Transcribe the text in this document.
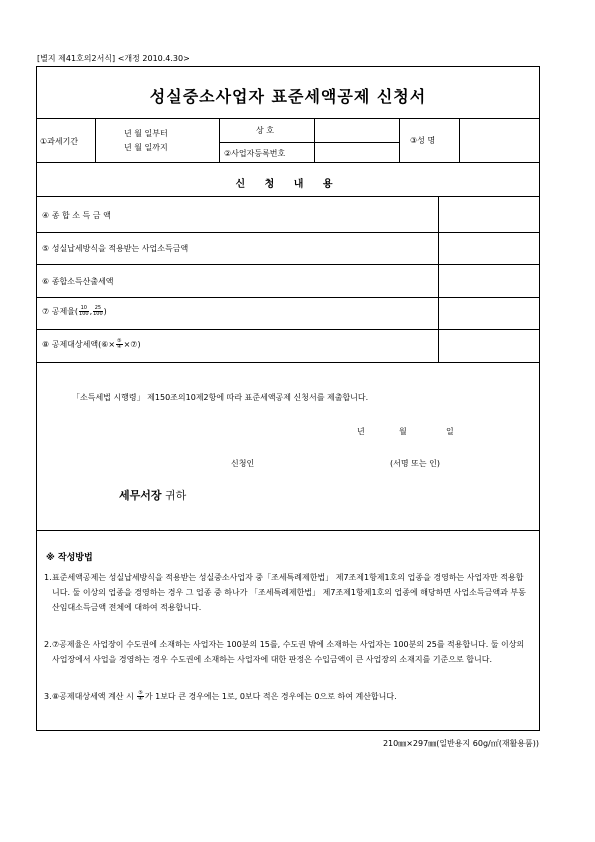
[별지 제41호의2서식] <개정 2010.4.30>
성실중소사업자 표준세액공제 신청서
①과세기간
년 월 일부터
년 월 일까지
상 호
②사업자등록번호
③성 명
신 청 내 용
④ 종 합 소 득 금 액
⑤ 성실납세방식을 적용받는 사업소득금액
⑥ 종합소득산출세액
⑦ 공제율( $\frac{10}{100}$ , $\frac{25}{100}$ )
⑧ 공제대상세액(⑥× $\frac{\text{⑤}}{\text{④}}$ ×⑦)
「소득세법 시행령」 제150조의10제2항에 따라 표준세액공제 신청서를 제출합니다.
년	월	일
신청인	(서명 또는 인)
세무서장 귀하
※ 작성방법
1. 표준세액공제는 성실납세방식을 적용받는 성실중소사업자 중「조세특례제한법」 제7조제1항제1호의 업종을 경영하는 사업자만 적용합니다. 둘 이상의 업종을 경영하는 경우 그 업종 중 하나가 「조세특례제한법」 제7조제1항제1호의 업종에 해당하면 사업소득금액과 부동산임대소득금액 전체에 대하여 적용합니다.
2. ⑦공제율은 사업장이 수도권에 소재하는 사업자는 100분의 15를, 수도권 밖에 소재하는 사업자는 100분의 25를 적용합니다. 둘 이상의 사업장에서 사업을 경영하는 경우 수도권에 소재하는 사업자에 대한 판정은 수입금액이 큰 사업장의 소재지를 기준으로 합니다.
3. ⑧공제대상세액 계산 시 $\frac{\text{⑤}}{\text{④}}$ 가 1보다 큰 경우에는 1로, 0보다 적은 경우에는 0으로 하여 계산합니다.
210㎜×297㎜(일반용지 60g/㎡(재활용품))
